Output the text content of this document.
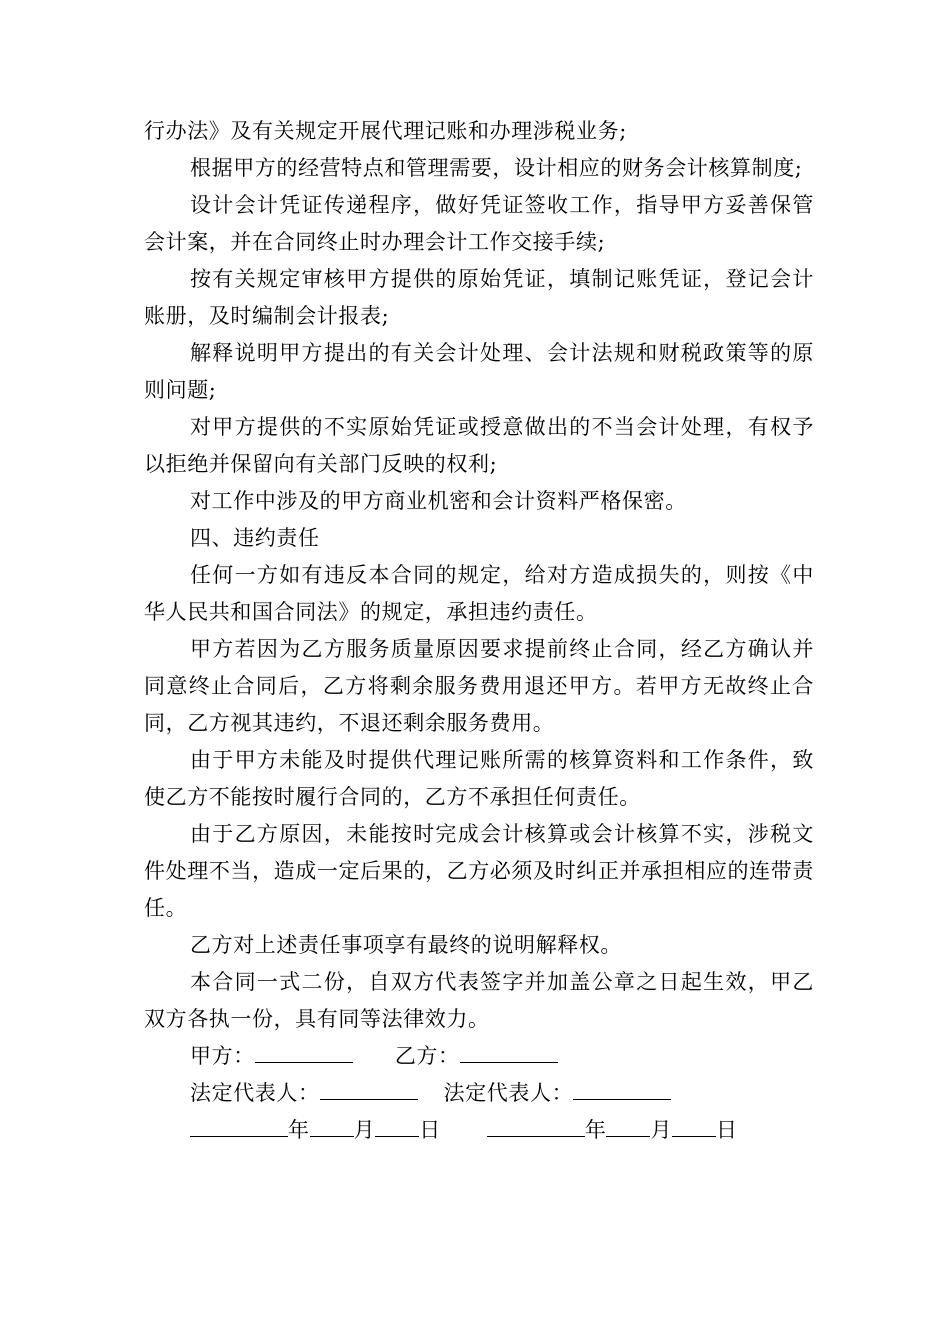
行办法》及有关规定开展代理记账和办理涉税业务;

根据甲方的经营特点和管理需要，设计相应的财务会计核算制度;

设计会计凭证传递程序，做好凭证签收工作，指导甲方妥善保管会计案，并在合同终止时办理会计工作交接手续;

按有关规定审核甲方提供的原始凭证，填制记账凭证，登记会计账册，及时编制会计报表;

解释说明甲方提出的有关会计处理、会计法规和财税政策等的原则问题;

对甲方提供的不实原始凭证或授意做出的不当会计处理，有权予以拒绝并保留向有关部门反映的权利;

对工作中涉及的甲方商业机密和会计资料严格保密。

四、违约责任

任何一方如有违反本合同的规定，给对方造成损失的，则按《中华人民共和国合同法》的规定，承担违约责任。

甲方若因为乙方服务质量原因要求提前终止合同，经乙方确认并同意终止合同后，乙方将剩余服务费用退还甲方。若甲方无故终止合同，乙方视其违约，不退还剩余服务费用。

由于甲方未能及时提供代理记账所需的核算资料和工作条件，致使乙方不能按时履行合同的，乙方不承担任何责任。

由于乙方原因，未能按时完成会计核算或会计核算不实，涉税文件处理不当，造成一定后果的，乙方必须及时纠正并承担相应的连带责任。

乙方对上述责任事项享有最终的说明解释权。

本合同一式二份，自双方代表签字并加盖公章之日起生效，甲乙双方各执一份，具有同等法律效力。

甲方：	乙方：
法定代表人：	法定代表人：
年 月 日	年 月 日
